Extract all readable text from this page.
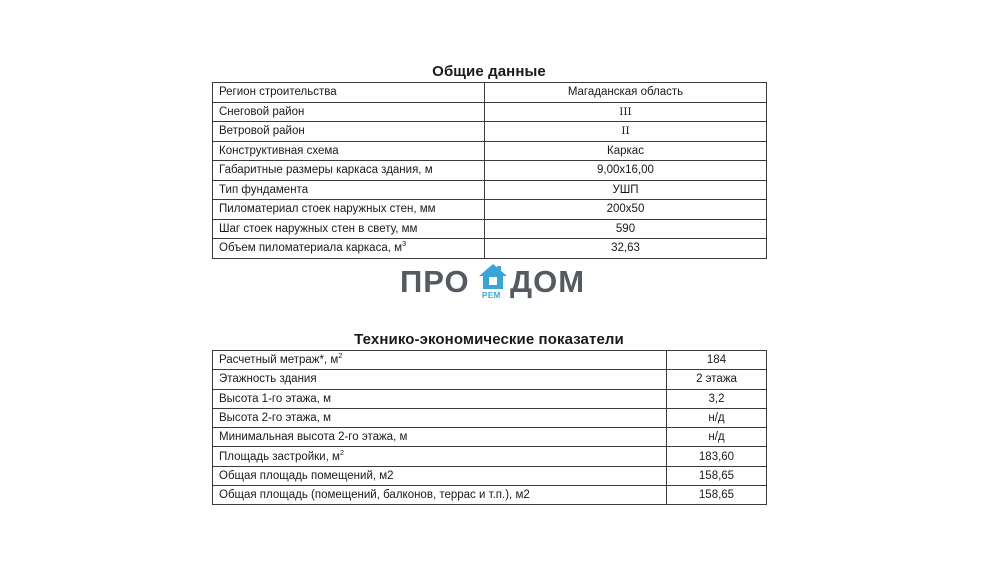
Общие данные
Регион строительства	Магаданская область
Снеговой район	III
Ветровой район	II
Конструктивная схема	Каркас
Габаритные размеры каркаса здания, м	9,00x16,00
Тип фундамента	УШП
Пиломатериал стоек наружных стен, мм	200x50
Шаг стоек наружных стен в свету, мм	590
Объем пиломатериала каркаса, $м^3$	32,63
ПРО РЕМ ДОМ
Технико-экономические показатели
Расчетный метраж*, $м^2$	184
Этажность здания	2 этажа
Высота 1-го этажа, м	3,2
Высота 2-го этажа, м	н/д
Минимальная высота 2-го этажа, м	н/д
Площадь застройки, $м^2$	183,60
Общая площадь помещений, м2	158,65
Общая площадь (помещений, балконов, террас и т.п.), м2	158,65
